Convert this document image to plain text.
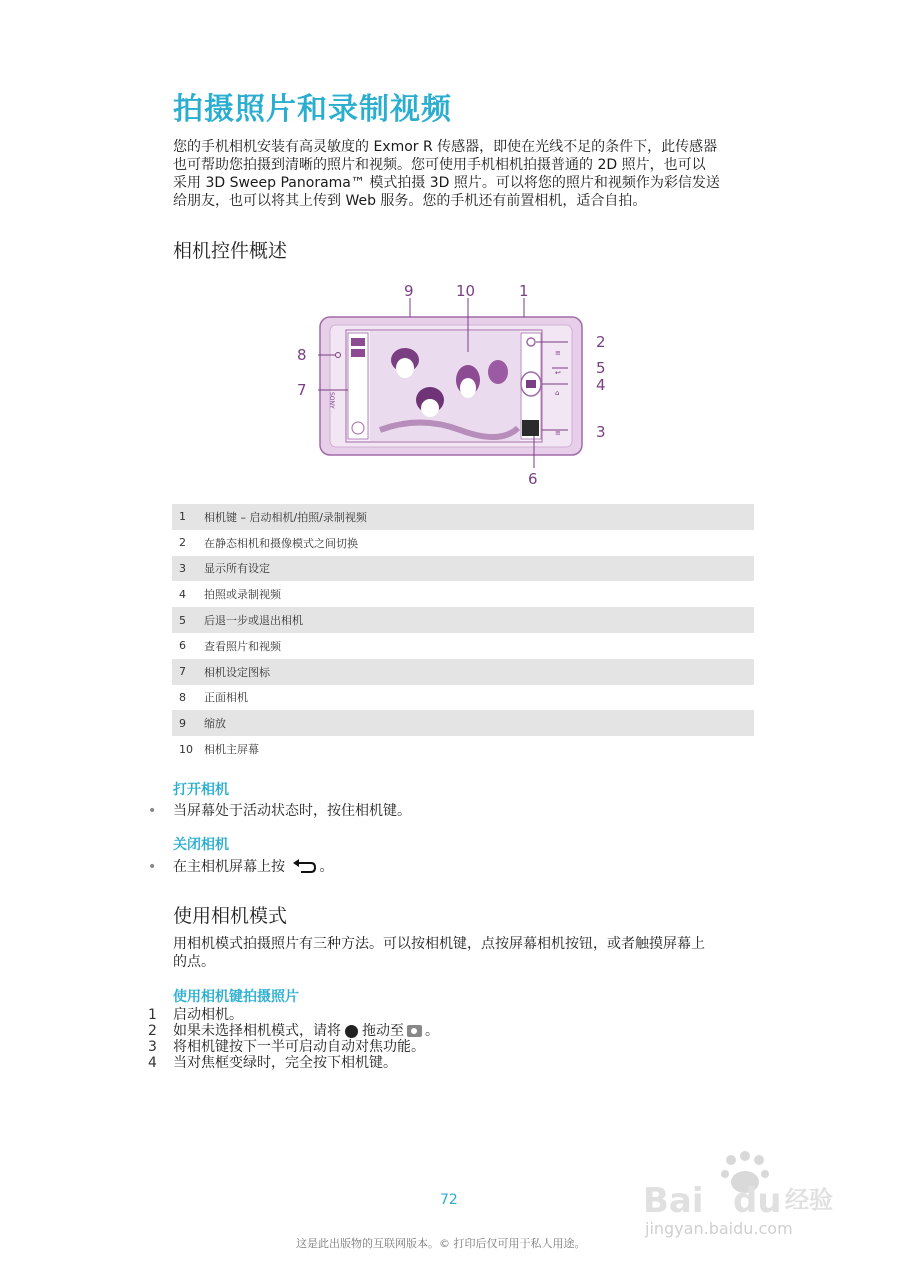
拍摄照片和录制视频
您的手机相机安装有高灵敏度的 Exmor R 传感器，即使在光线不足的条件下，此传感器
也可帮助您拍摄到清晰的照片和视频。您可使用手机相机拍摄普通的 2D 照片，也可以
采用 3D Sweep Panorama™ 模式拍摄 3D 照片。可以将您的照片和视频作为彩信发送
给朋友，也可以将其上传到 Web 服务。您的手机还有前置相机，适合自拍。
相机控件概述
SONY
≡
↩
⌂
≡
9	10	1
2
8
5
4
7
3
6
1	相机键 – 启动相机/拍照/录制视频
2	在静态相机和摄像模式之间切换
3	显示所有设定
4	拍照或录制视频
5	后退一步或退出相机
6	查看照片和视频
7	相机设定图标
8	正面相机
9	缩放
10	相机主屏幕
打开相机
• 当屏幕处于活动状态时，按住相机键。
关闭相机
• 在主相机屏幕上按 。
使用相机模式
用相机模式拍摄照片有三种方法。可以按相机键，点按屏幕相机按钮，或者触摸屏幕上
的点。
使用相机键拍摄照片
1	启动相机。
2	如果未选择相机模式，请将 拖动至 。
3	将相机键按下一半可启动自动对焦功能。
4	当对焦框变绿时，完全按下相机键。
72
这是此出版物的互联网版本。© 打印后仅可用于私人用途。
Bai du 经验
jingyan.baidu.com
